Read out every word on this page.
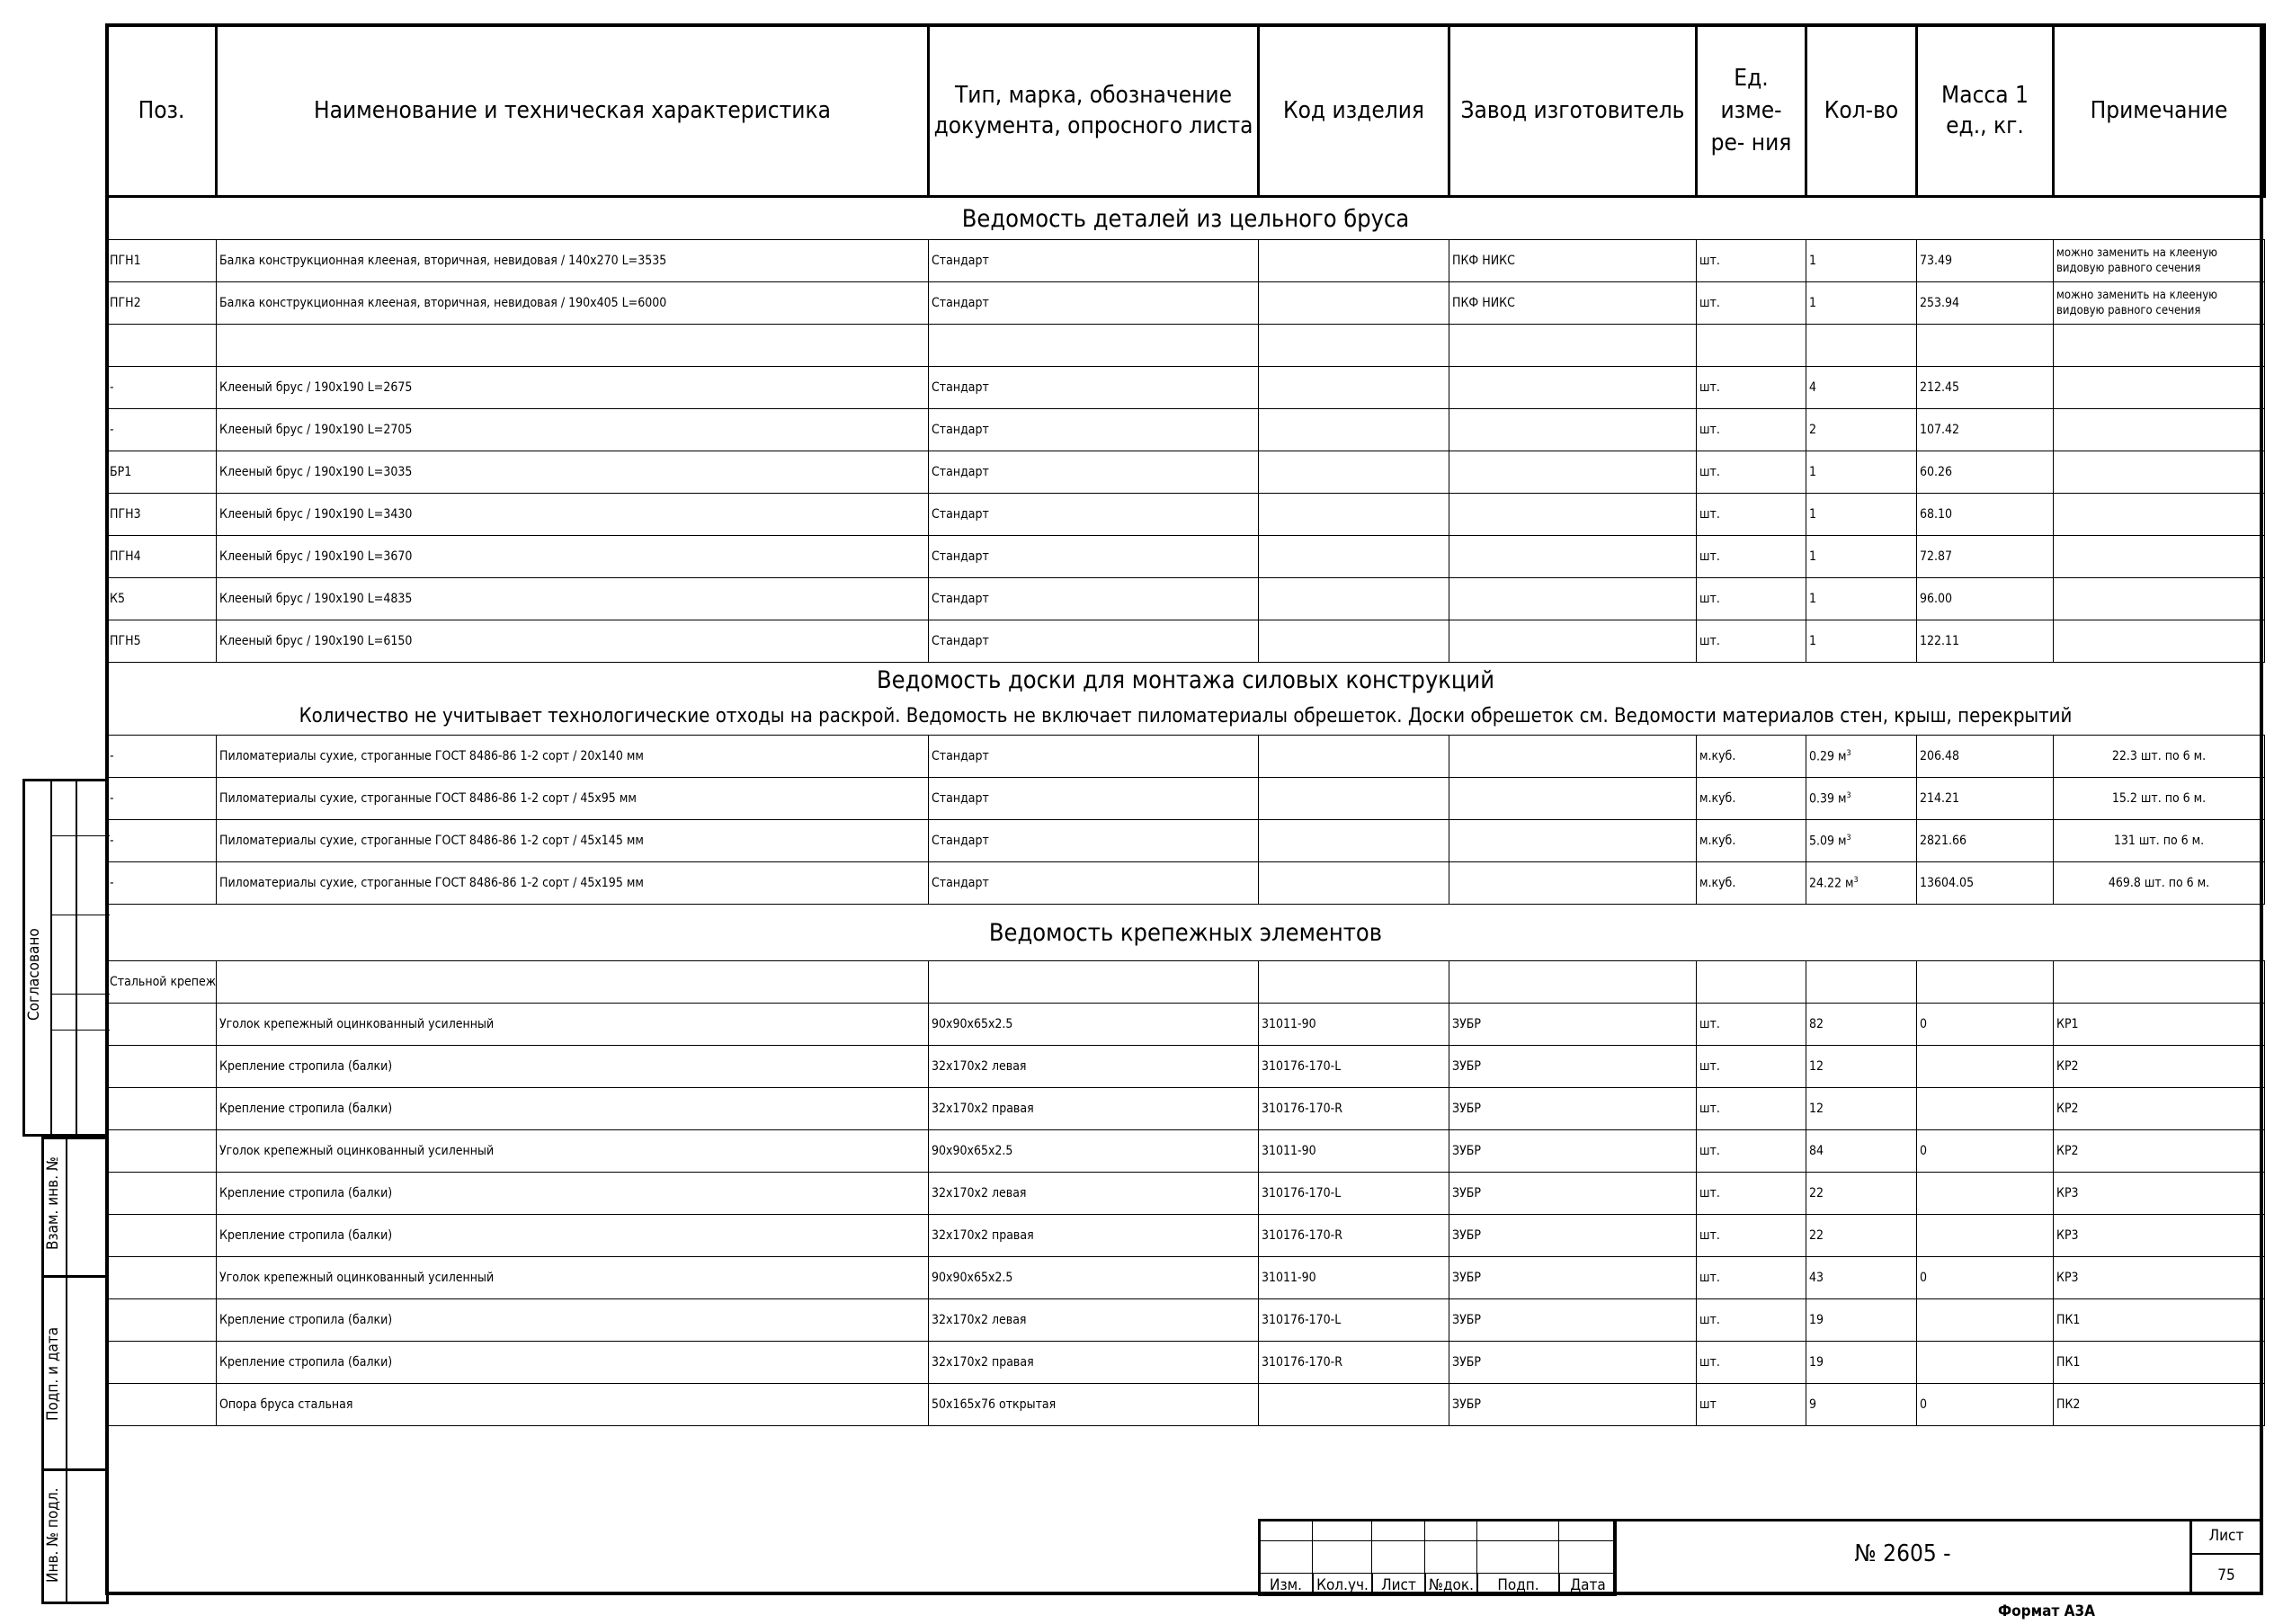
Поз.	Наименование и техническая характеристика	Тип, марка, обозначение документа, опросного листа	Код изделия	Завод изготовитель	Ед. изме- ре- ния	Кол-во	Масса 1 ед., кг.	Примечание
Ведомость деталей из цельного бруса								
ПГН1	Балка конструкционная клееная, вторичная, невидовая / 140x270 L=3535	Стандарт		ПКФ НИКС	шт.	1	73.49	можно заменить на клееную видовую равного сечения
ПГН2	Балка конструкционная клееная, вторичная, невидовая / 190x405 L=6000	Стандарт		ПКФ НИКС	шт.	1	253.94	можно заменить на клееную видовую равного сечения

-	Клееный брус / 190x190 L=2675	Стандарт			шт.	4	212.45	
-	Клееный брус / 190x190 L=2705	Стандарт			шт.	2	107.42	
БР1	Клееный брус / 190x190 L=3035	Стандарт			шт.	1	60.26	
ПГН3	Клееный брус / 190x190 L=3430	Стандарт			шт.	1	68.10	
ПГН4	Клееный брус / 190x190 L=3670	Стандарт			шт.	1	72.87	
К5	Клееный брус / 190x190 L=4835	Стандарт			шт.	1	96.00	
ПГН5	Клееный брус / 190x190 L=6150	Стандарт			шт.	1	122.11	
Ведомость доски для монтажа силовых конструкций								
Количество не учитывает технологические отходы на раскрой. Ведомость не включает пиломатериалы обрешеток. Доски обрешеток см. Ведомости материалов стен, крыш, перекрытий								
-	Пиломатериалы сухие, строганные ГОСТ 8486-86 1-2 сорт / 20x140 мм	Стандарт			м.куб.	0.29 $м^3$	206.48	22.3 шт. по 6 м.
-	Пиломатериалы сухие, строганные ГОСТ 8486-86 1-2 сорт / 45x95 мм	Стандарт			м.куб.	0.39 $м^3$	214.21	15.2 шт. по 6 м.
-	Пиломатериалы сухие, строганные ГОСТ 8486-86 1-2 сорт / 45x145 мм	Стандарт			м.куб.	5.09 $м^3$	2821.66	131 шт. по 6 м.
-	Пиломатериалы сухие, строганные ГОСТ 8486-86 1-2 сорт / 45x195 мм	Стандарт			м.куб.	24.22 $м^3$	13604.05	469.8 шт. по 6 м.
Ведомость крепежных элементов								
Стальной крепеж								
	Уголок крепежный оцинкованный усиленный	90x90x65x2.5	31011-90	ЗУБР	шт.	82	0	КР1
	Крепление стропила (балки)	32x170x2 левая	310176-170-L	ЗУБР	шт.	12		КР2
	Крепление стропила (балки)	32x170x2 правая	310176-170-R	ЗУБР	шт.	12		КР2
	Уголок крепежный оцинкованный усиленный	90x90x65x2.5	31011-90	ЗУБР	шт.	84	0	КР2
	Крепление стропила (балки)	32x170x2 левая	310176-170-L	ЗУБР	шт.	22		КР3
	Крепление стропила (балки)	32x170x2 правая	310176-170-R	ЗУБР	шт.	22		КР3
	Уголок крепежный оцинкованный усиленный	90x90x65x2.5	31011-90	ЗУБР	шт.	43	0	КР3
	Крепление стропила (балки)	32x170x2 левая	310176-170-L	ЗУБР	шт.	19		ПК1
	Крепление стропила (балки)	32x170x2 правая	310176-170-R	ЗУБР	шт.	19		ПК1
	Опора бруса стальная	50x165x76 открытая		ЗУБР	шт	9	0	ПК2
Согласовано
Взам. инв. №
Подп. и дата
Инв. № подл.
Изм. Кол.уч. Лист №док.	Подп.	Дата
№ 2605 -
Лист
75
Формат А3А
